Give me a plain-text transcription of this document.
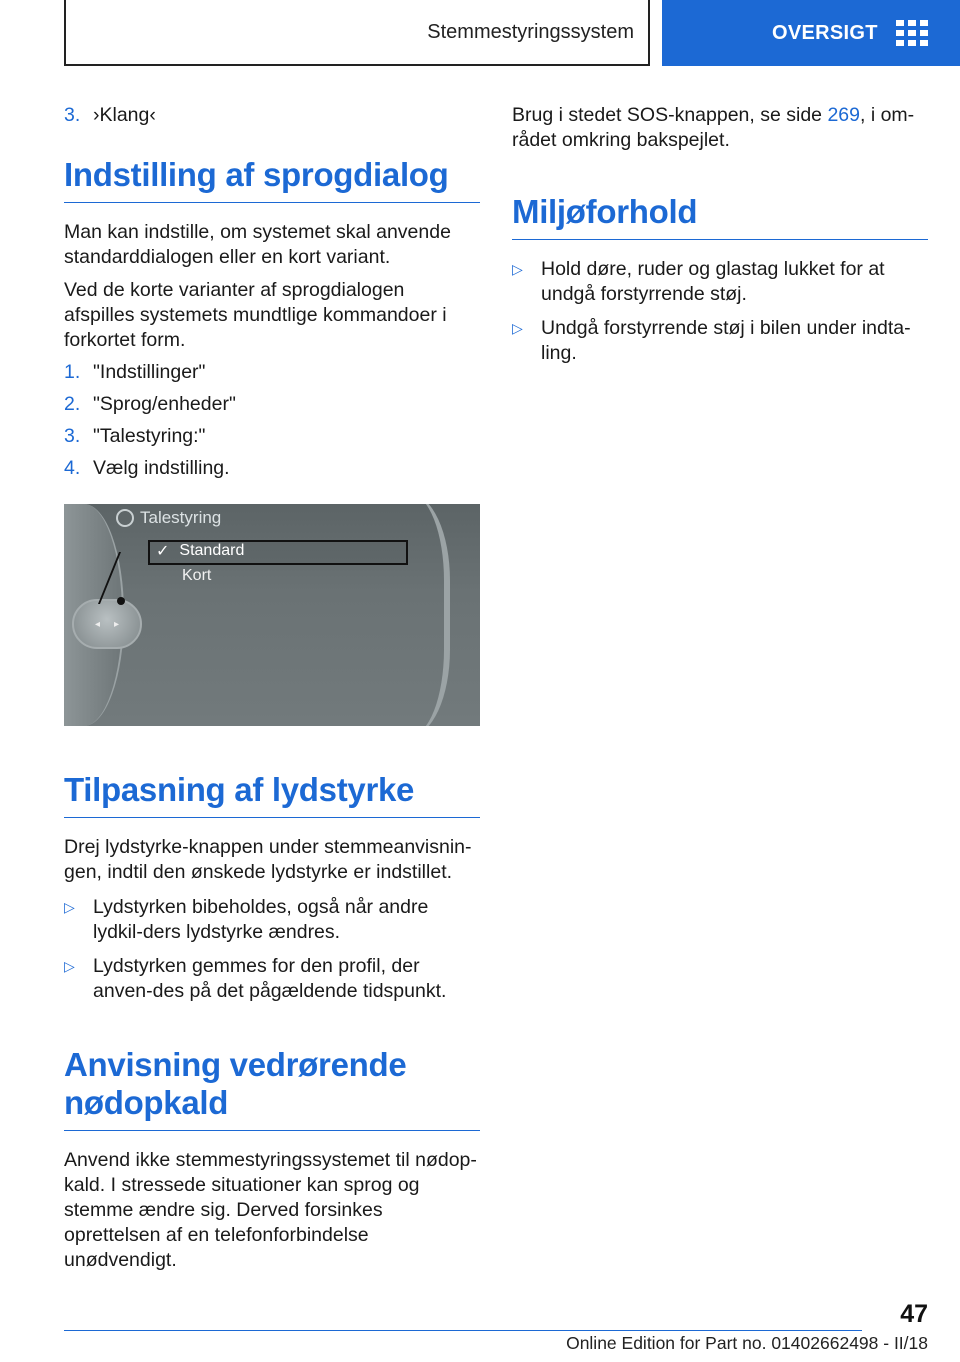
Stemmestyringssystem	OVERSIGT
3. ›Klang‹
Indstilling af sprogdialog

Man kan indstille, om systemet skal anvende standarddialogen eller en kort variant.

Ved de korte varianter af sprogdialogen afspilles systemets mundtlige kommandoer i forkortet form.

1. "Indstillinger"
2. "Sprog/enheder"
3. "Talestyring:"
4. Vælg indstilling.
◂ ▸
Talestyring
✓ Standard
Kort
Tilpasning af lydstyrke

Drej lydstyrke-knappen under stemmeanvisnin-gen, indtil den ønskede lydstyrke er indstillet.

▷ Lydstyrken bibeholdes, også når andre lydkil-ders lydstyrke ændres.
▷ Lydstyrken gemmes for den profil, der anven-des på det pågældende tidspunkt.
Anvisning vedrørende nødopkald

Anvend ikke stemmestyringssystemet til nødop-kald. I stressede situationer kan sprog og stemme ændre sig. Derved forsinkes oprettelsen af en telefonforbindelse unødvendigt.

Brug i stedet SOS-knappen, se side 269, i om-rådet omkring bakspejlet.

Miljøforhold
▷ Hold døre, ruder og glastag lukket for at undgå forstyrrende støj.
▷ Undgå forstyrrende støj i bilen under indta-ling.
47
Online Edition for Part no. 01402662498 - II/18
